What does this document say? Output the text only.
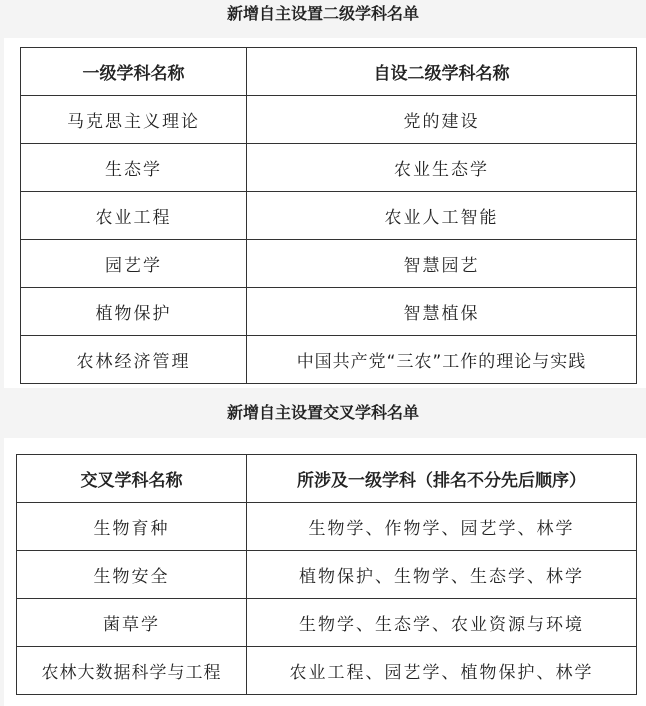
新增自主设置二级学科名单
一级学科名称	自设二级学科名称
马克思主义理论	党的建设
生态学	农业生态学
农业工程	农业人工智能
园艺学	智慧园艺
植物保护	智慧植保
农林经济管理	中国共产党“三农”工作的理论与实践
新增自主设置交叉学科名单
交叉学科名称	所涉及一级学科（排名不分先后顺序）
生物育种	生物学、作物学、园艺学、林学
生物安全	植物保护、生物学、生态学、林学
菌草学	生物学、生态学、农业资源与环境
农林大数据科学与工程	农业工程、园艺学、植物保护、林学
